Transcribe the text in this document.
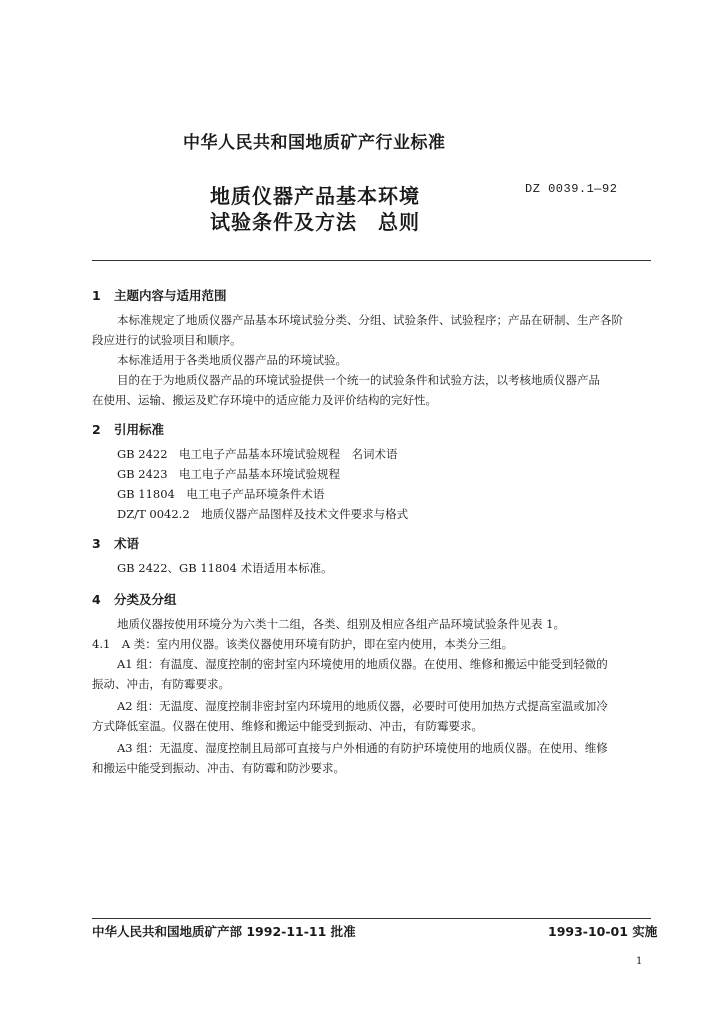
中华人民共和国地质矿产行业标准
地质仪器产品基本环境
试验条件及方法　总则
DZ 0039.1—92
1 主题内容与适用范围
本标准规定了地质仪器产品基本环境试验分类、分组、试验条件、试验程序；产品在研制、生产各阶
段应进行的试验项目和顺序。
本标准适用于各类地质仪器产品的环境试验。
目的在于为地质仪器产品的环境试验提供一个统一的试验条件和试验方法，以考核地质仪器产品
在使用、运输、搬运及贮存环境中的适应能力及评价结构的完好性。
2 引用标准
GB 2422　电工电子产品基本环境试验规程　名词术语
GB 2423　电工电子产品基本环境试验规程
GB 11804　电工电子产品环境条件术语
DZ/T 0042.2　地质仪器产品图样及技术文件要求与格式
3 术语
GB 2422、GB 11804 术语适用本标准。
4 分类及分组
地质仪器按使用环境分为六类十二组，各类、组别及相应各组产品环境试验条件见表 1。
4.1　A 类：室内用仪器。该类仪器使用环境有防护，即在室内使用，本类分三组。
A1 组：有温度、湿度控制的密封室内环境使用的地质仪器。在使用、维修和搬运中能受到轻微的
振动、冲击，有防霉要求。
A2 组：无温度、湿度控制非密封室内环境用的地质仪器，必要时可使用加热方式提高室温或加冷
方式降低室温。仪器在使用、维修和搬运中能受到振动、冲击，有防霉要求。
A3 组：无温度、湿度控制且局部可直接与户外相通的有防护环境使用的地质仪器。在使用、维修
和搬运中能受到振动、冲击、有防霉和防沙要求。
中华人民共和国地质矿产部 1992-11-11 批准	1993-10-01 实施
1
